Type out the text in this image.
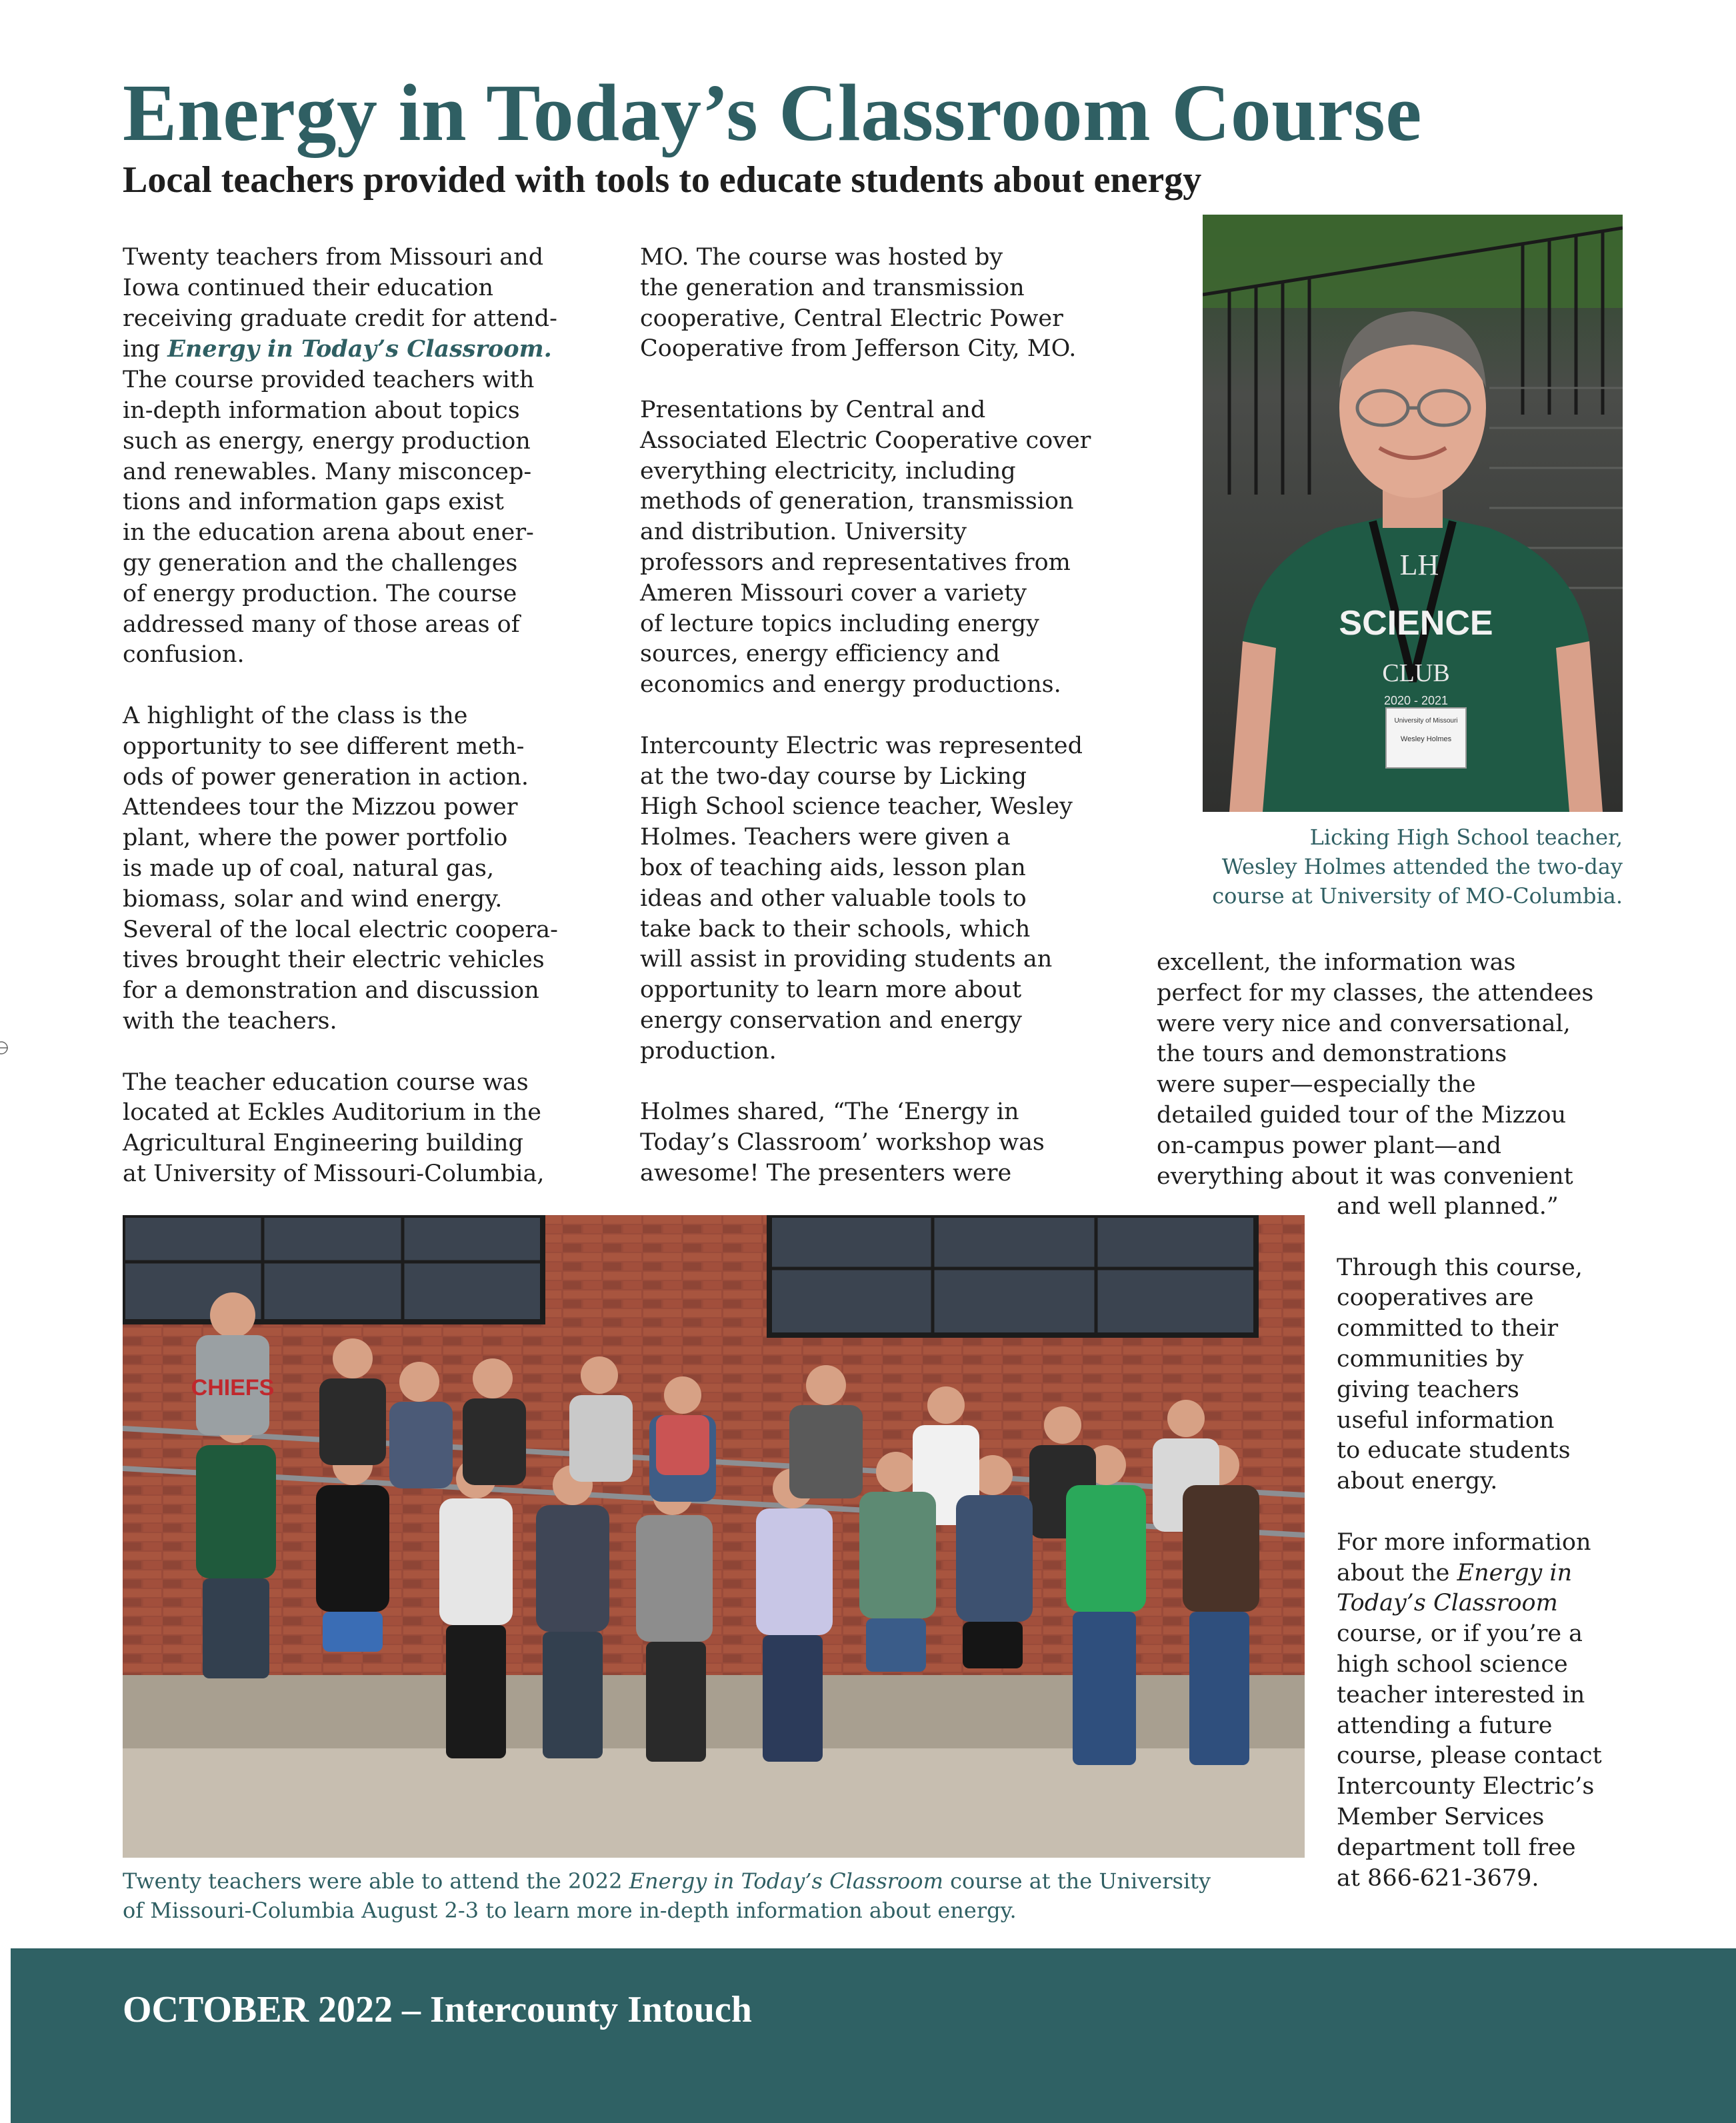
Energy in Today’s Classroom Course
Local teachers provided with tools to educate students about energy

Twenty teachers from Missouri and
Iowa continued their education
receiving graduate credit for attend-
ing Energy in Today’s Classroom.
The course provided teachers with
in-depth information about topics
such as energy, energy production
and renewables. Many misconcep-
tions and information gaps exist
in the education arena about ener-
gy generation and the challenges
of energy production. The course
addressed many of those areas of
confusion.

A highlight of the class is the
opportunity to see different meth-
ods of power generation in action.
Attendees tour the Mizzou power
plant, where the power portfolio
is made up of coal, natural gas,
biomass, solar and wind energy.
Several of the local electric coopera-
tives brought their electric vehicles
for a demonstration and discussion
with the teachers.

The teacher education course was
located at Eckles Auditorium in the
Agricultural Engineering building
at University of Missouri-Columbia,

MO. The course was hosted by
the generation and transmission
cooperative, Central Electric Power
Cooperative from Jefferson City, MO.

Presentations by Central and
Associated Electric Cooperative cover
everything electricity, including
methods of generation, transmission
and distribution. University
professors and representatives from
Ameren Missouri cover a variety
of lecture topics including energy
sources, energy efficiency and
economics and energy productions.

Intercounty Electric was represented
at the two-day course by Licking
High School science teacher, Wesley
Holmes. Teachers were given a
box of teaching aids, lesson plan
ideas and other valuable tools to
take back to their schools, which
will assist in providing students an
opportunity to learn more about
energy conservation and energy
production.

Holmes shared, “The ‘Energy in
Today’s Classroom’ workshop was
awesome! The presenters were

LH
SCIENCE
CLUB
2020 - 2021
University of Missouri
Wesley Holmes
Licking High School teacher,
Wesley Holmes attended the two-day
course at University of MO-Columbia.

excellent, the information was
perfect for my classes, the attendees
were very nice and conversational,
the tours and demonstrations
were super—especially the
detailed guided tour of the Mizzou
on-campus power plant—and
everything about it was convenient

and well planned.”

Through this course,
cooperatives are
committed to their
communities by
giving teachers
useful information
to educate students
about energy.

For more information
about the Energy in
Today’s Classroom
course, or if you’re a
high school science
teacher interested in
attending a future
course, please contact
Intercounty Electric’s
Member Services
department toll free
at 866-621-3679.

CHIEFS
Twenty teachers were able to attend the 2022 Energy in Today’s Classroom course at the University
of Missouri-Columbia August 2-3 to learn more in-depth information about energy.

OCTOBER 2022 – Intercounty Intouch
